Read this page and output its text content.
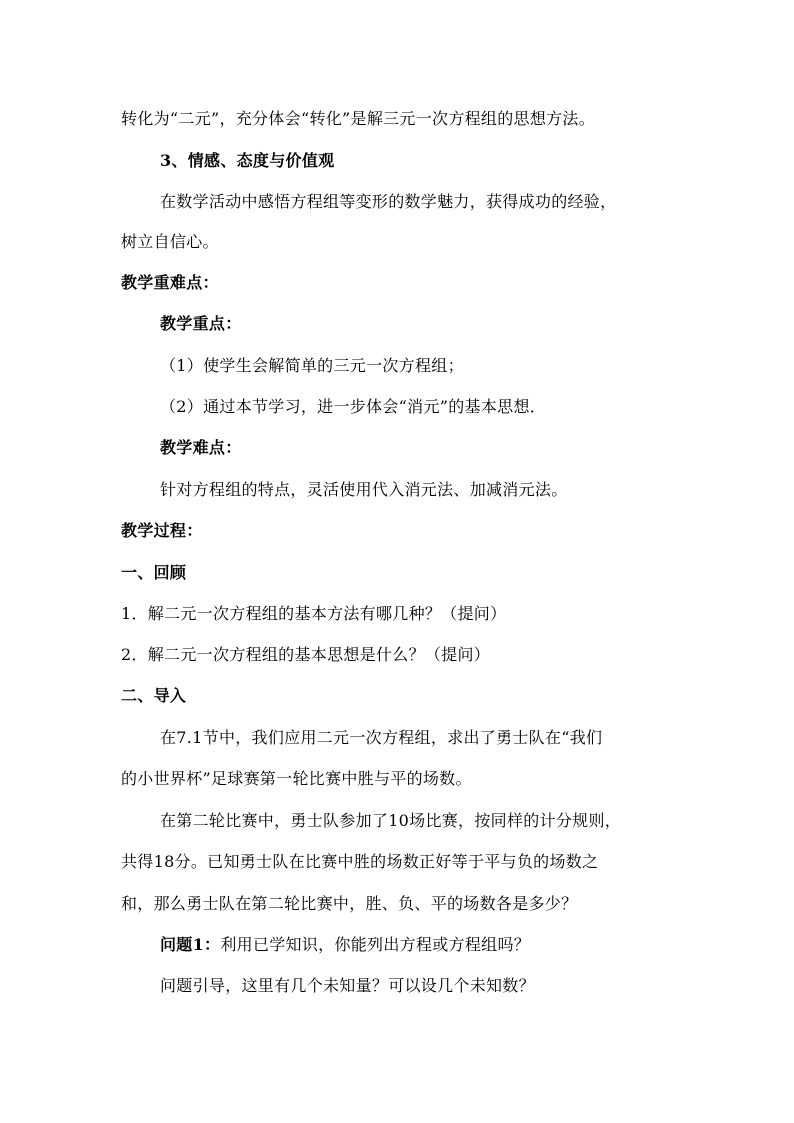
转化为“二元”，充分体会“转化”是解三元一次方程组的思想方法。
3、情感、态度与价值观
在数学活动中感悟方程组等变形的数学魅力，获得成功的经验，
树立自信心。
教学重难点：
教学重点：
（1）使学生会解简单的三元一次方程组；
（2）通过本节学习，进一步体会“消元”的基本思想．
教学难点：
针对方程组的特点，灵活使用代入消元法、加减消元法。
教学过程：
一、回顾
1．解二元一次方程组的基本方法有哪几种？（提问）
2．解二元一次方程组的基本思想是什么？（提问）
二、导入
在7.1节中，我们应用二元一次方程组，求出了勇士队在“我们
的小世界杯”足球赛第一轮比赛中胜与平的场数。
在第二轮比赛中，勇士队参加了10场比赛，按同样的计分规则，
共得18分。已知勇士队在比赛中胜的场数正好等于平与负的场数之
和，那么勇士队在第二轮比赛中，胜、负、平的场数各是多少？
问题1：利用已学知识，你能列出方程或方程组吗？
问题引导，这里有几个未知量？可以设几个未知数？
